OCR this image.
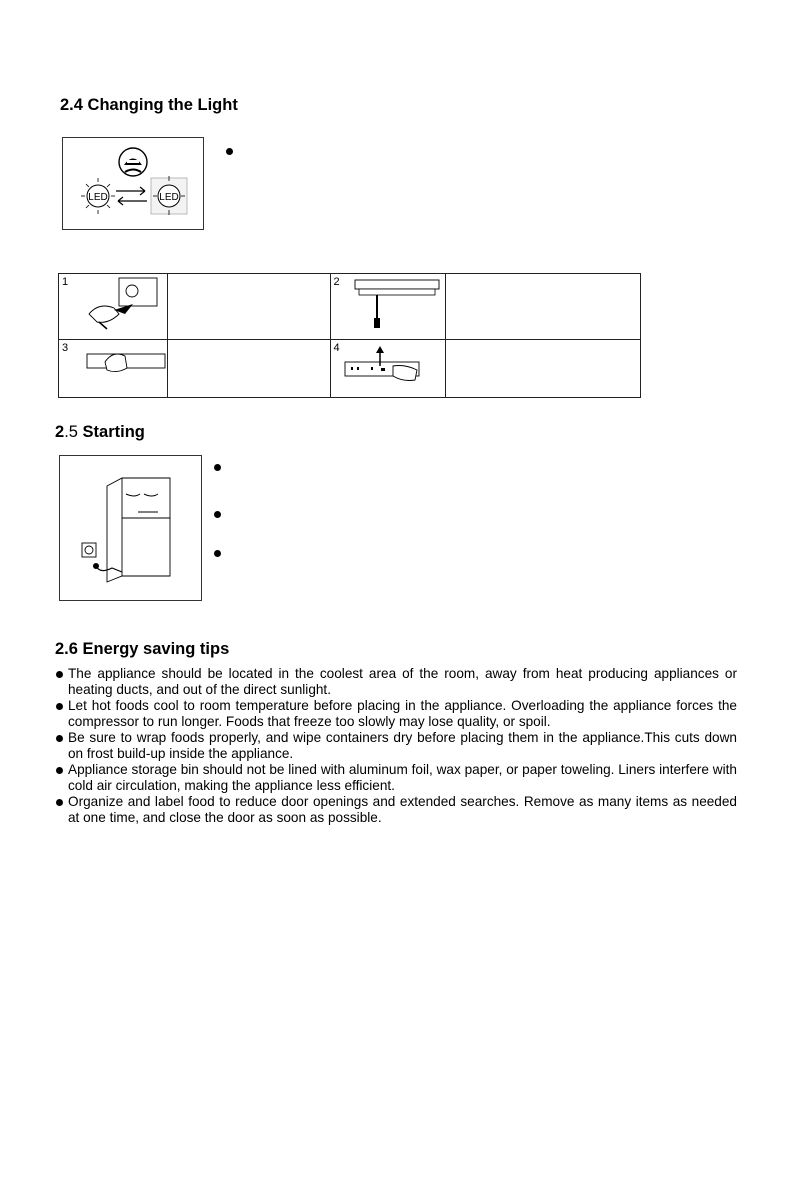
2.4 Changing the Light
LED	LED
1		2	

3		4	

2.5 Starting
2.6 Energy saving tips
The appliance should be located in the coolest area of the room, away from heat producing appliances or heating ducts, and out of the direct sunlight.
Let hot foods cool to room temperature before placing in the appliance. Overloading the appliance forces the compressor to run longer. Foods that freeze too slowly may lose quality, or spoil.
Be sure to wrap foods properly, and wipe containers dry before placing them in the appliance.This cuts down on frost build-up inside the appliance.
Appliance storage bin should not be lined with aluminum foil, wax paper, or paper toweling. Liners interfere with cold air circulation, making the appliance less efficient.
Organize and label food to reduce door openings and extended searches. Remove as many items as needed at one time, and close the door as soon as possible.
